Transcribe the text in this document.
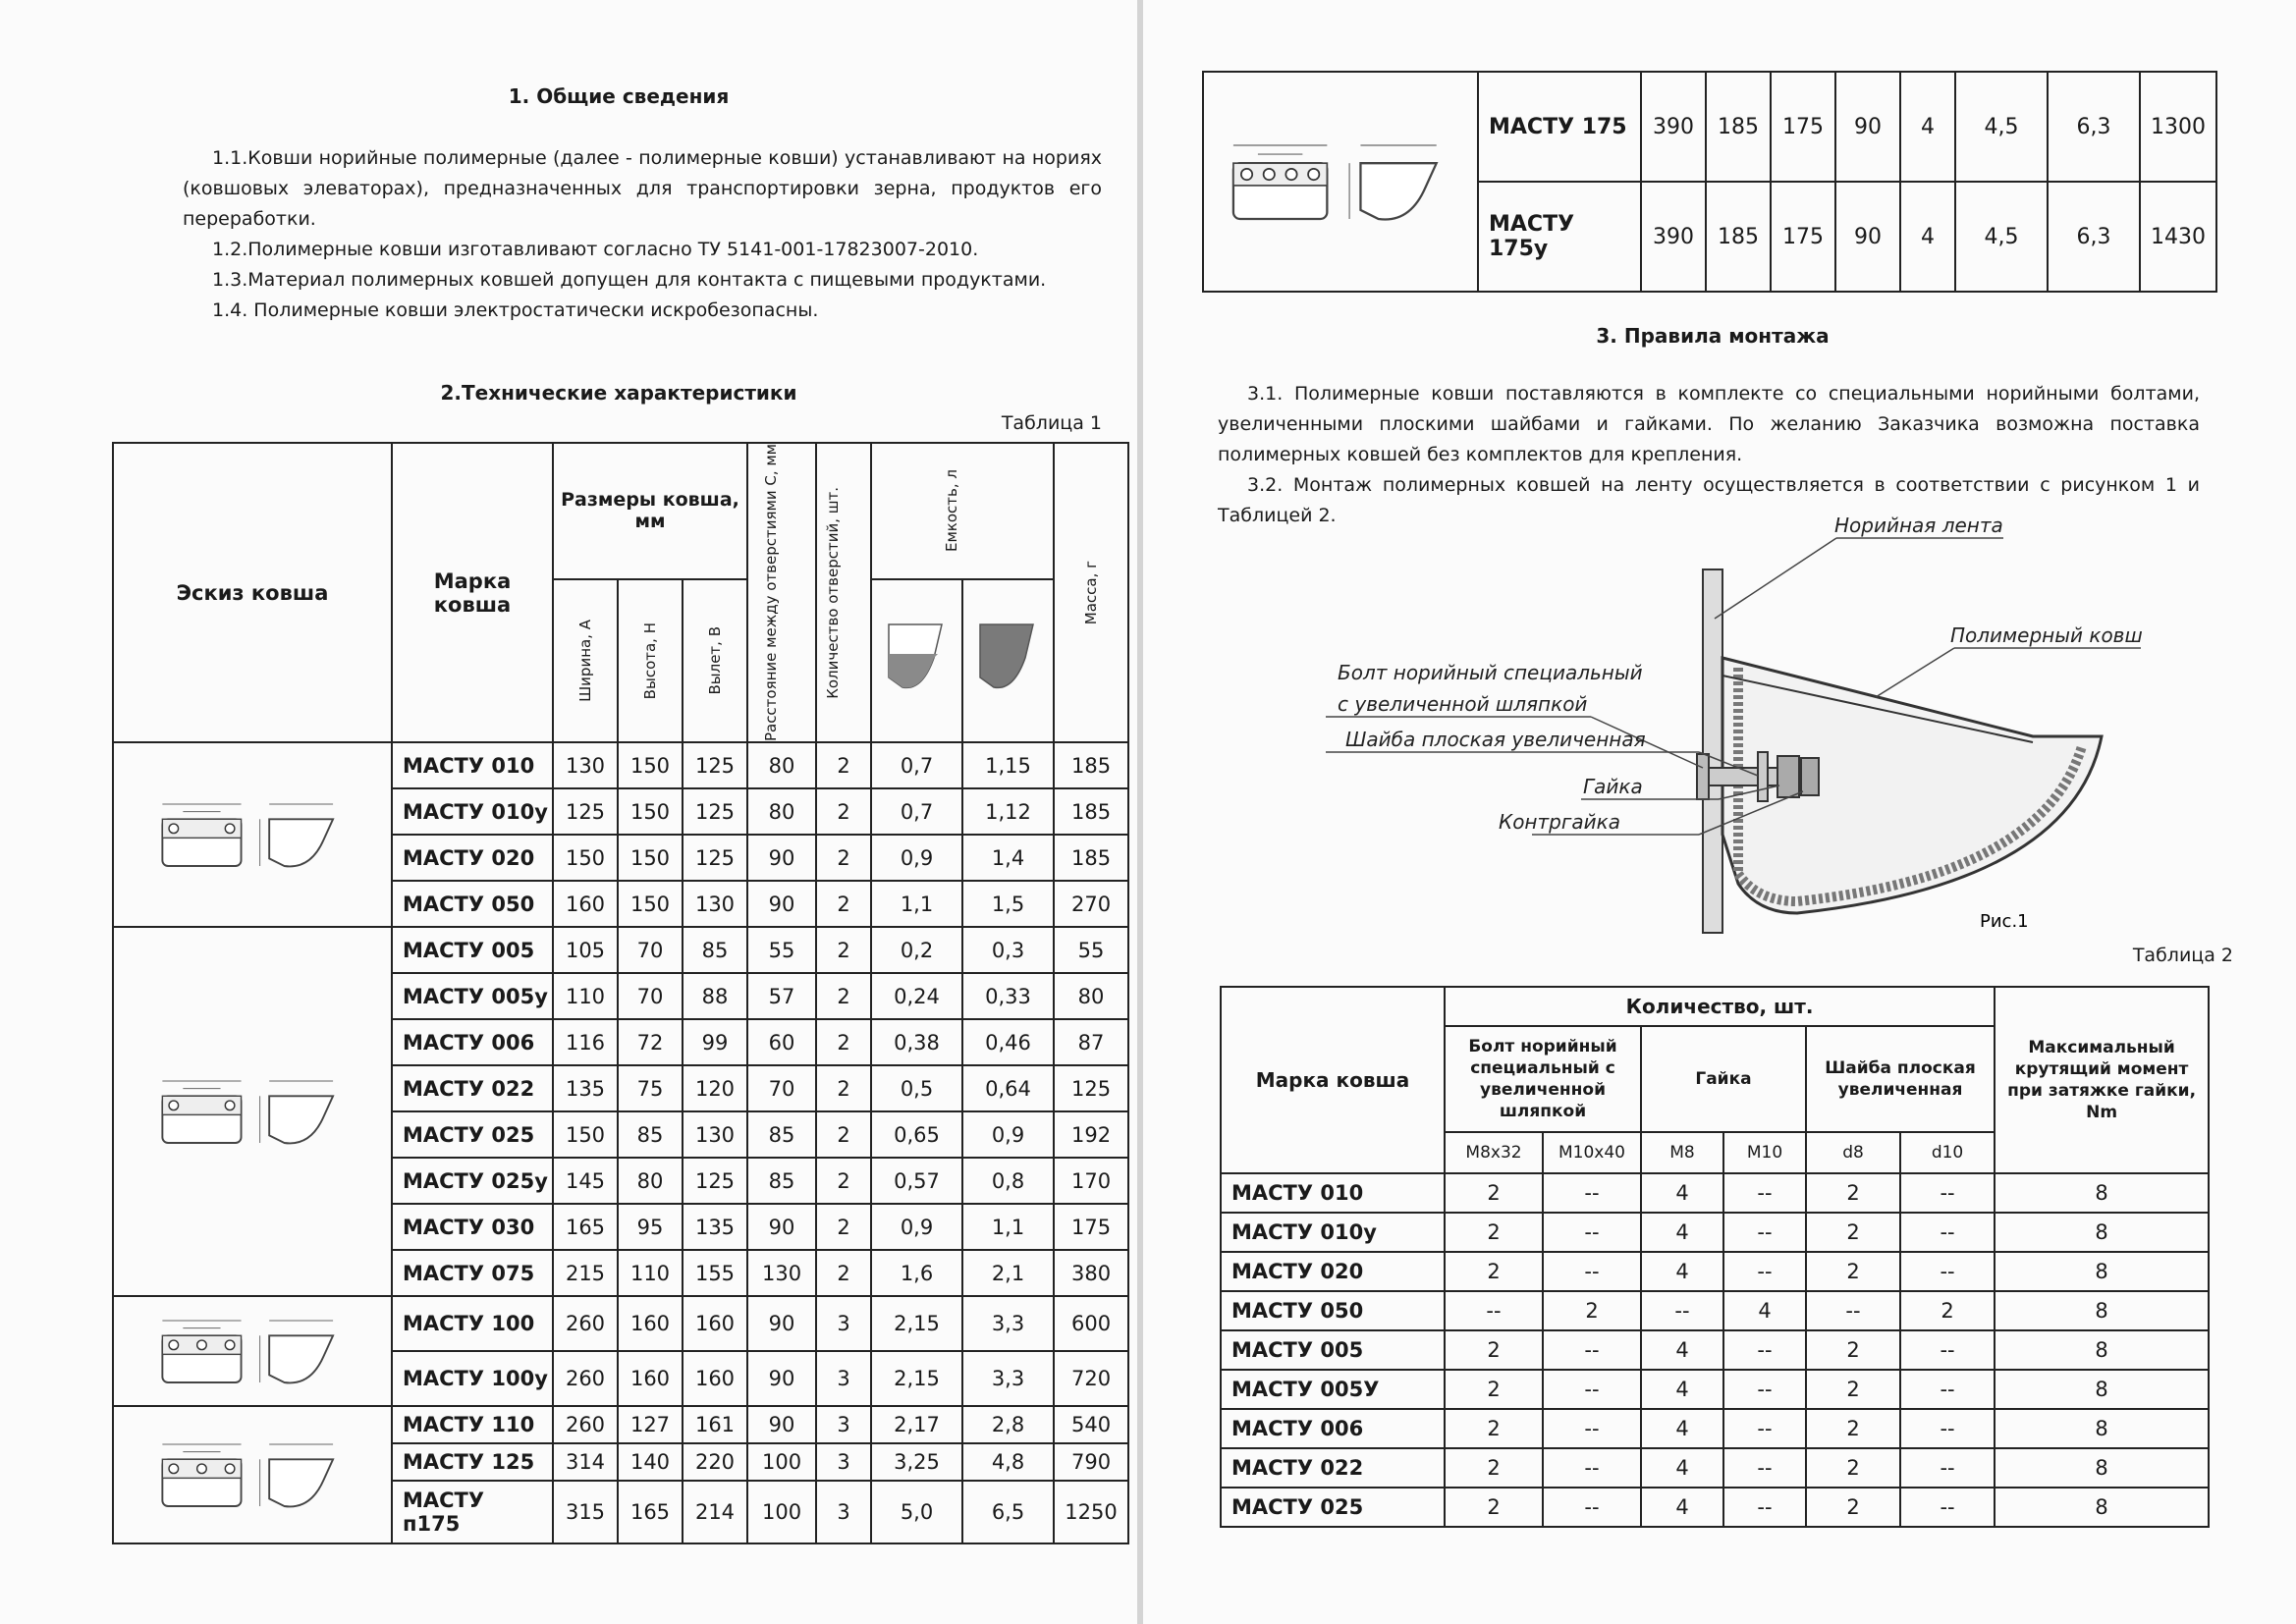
1. Общие сведения

1.1.Ковши норийные полимерные (далее - полимерные ковши) устанавливают на нориях (ковшовых элеваторах), предназначенных для транспортировки зерна, продуктов его переработки.

1.2.Полимерные ковши изготавливают согласно ТУ 5141-001-17823007-2010.

1.3.Материал полимерных ковшей допущен для контакта с пищевыми продуктами.

1.4. Полимерные ковши электростатически искробезопасны.

2.Технические характеристики
Таблица 1
Эскиз ковша	Марка ковша	Размеры ковша, мм			Расстояние между отверстиями С, мм	Количество отверстий, шт.	Емкость, л		Масса, г

		Ширина, А	Высота, Н	Вылет, В

	МАСТУ 010	130	150	125	80	2	0,7	1,15	185
	МАСТУ 010у	125	150	125	80	2	0,7	1,12	185
	МАСТУ 020	150	150	125	90	2	0,9	1,4	185
	МАСТУ 050	160	150	130	90	2	1,1	1,5	270

	МАСТУ 005	105	70	85	55	2	0,2	0,3	55
	МАСТУ 005у	110	70	88	57	2	0,24	0,33	80
	МАСТУ 006	116	72	99	60	2	0,38	0,46	87
	МАСТУ 022	135	75	120	70	2	0,5	0,64	125
	МАСТУ 025	150	85	130	85	2	0,65	0,9	192
	МАСТУ 025у	145	80	125	85	2	0,57	0,8	170
	МАСТУ 030	165	95	135	90	2	0,9	1,1	175
	МАСТУ 075	215	110	155	130	2	1,6	2,1	380

	МАСТУ 100	260	160	160	90	3	2,15	3,3	600
	МАСТУ 100у	260	160	160	90	3	2,15	3,3	720

	МАСТУ 110	260	127	161	90	3	2,17	2,8	540
	МАСТУ 125	314	140	220	100	3	3,25	4,8	790
	МАСТУ п175	315	165	214	100	3	5,0	6,5	1250
3. Правила монтажа

3.1. Полимерные ковши поставляются в комплекте со специальными норийными болтами, увеличенными плоскими шайбами и гайками. По желанию Заказчика возможна поставка полимерных ковшей без комплектов для крепления.

3.2. Монтаж полимерных ковшей на ленту осуществляется в соответствии с рисунком 1 и Таблицей 2.

Таблица 2
	МАСТУ 175	390	185	175	90	4	4,5	6,3	1300
	МАСТУ 175у	390	185	175	90	4	4,5	6,3	1430
Норийная лента
Полимерный ковш
Болт норийный специальный
с увеличенной шляпкой
Шайба плоская увеличенная
Гайка
Контргайка
Рис.1
Марка ковша	Количество, шт.						Максимальный крутящий момент при затяжке гайки, Nm
	Болт норийный специальный с увеличенной шляпкой		Гайка		Шайба плоская увеличенная		
	М8х32	М10х40	М8	М10	d8	d10	
МАСТУ 010	2	--	4	--	2	--	8
МАСТУ 010у	2	--	4	--	2	--	8
МАСТУ 020	2	--	4	--	2	--	8
МАСТУ 050	--	2	--	4	--	2	8
МАСТУ 005	2	--	4	--	2	--	8
МАСТУ 005У	2	--	4	--	2	--	8
МАСТУ 006	2	--	4	--	2	--	8
МАСТУ 022	2	--	4	--	2	--	8
МАСТУ 025	2	--	4	--	2	--	8
